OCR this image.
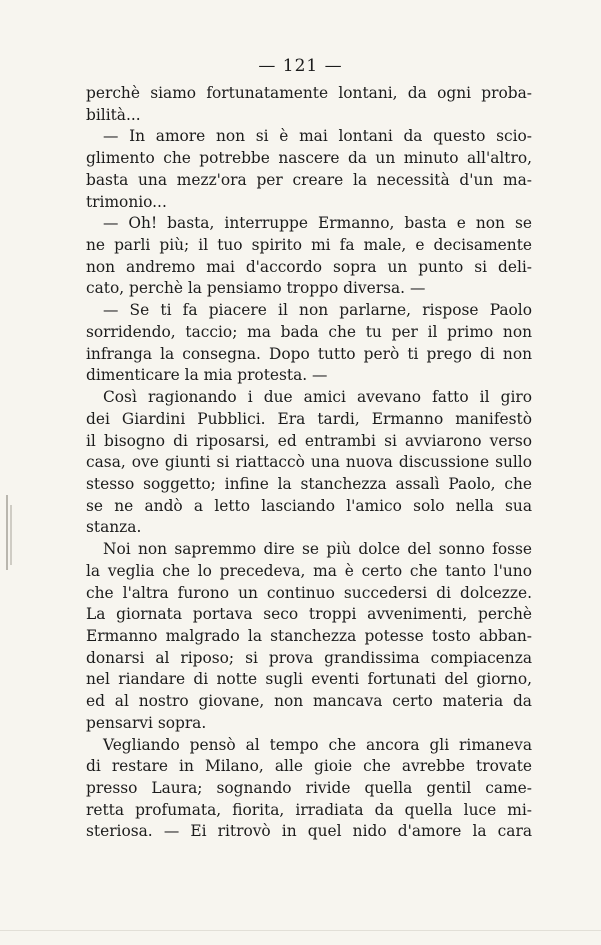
— 121 —
perchè siamo fortunatamente lontani, da ogni proba-
bilità...
— In amore non si è mai lontani da questo scio-
glimento che potrebbe nascere da un minuto all'altro,
basta una mezz'ora per creare la necessità d'un ma-
trimonio...
— Oh! basta, interruppe Ermanno, basta e non se
ne parli più; il tuo spirito mi fa male, e decisamente
non andremo mai d'accordo sopra un punto si deli-
cato, perchè la pensiamo troppo diversa. —
— Se ti fa piacere il non parlarne, rispose Paolo
sorridendo, taccio; ma bada che tu per il primo non
infranga la consegna. Dopo tutto però ti prego di non
dimenticare la mia protesta. —
Così ragionando i due amici avevano fatto il giro
dei Giardini Pubblici. Era tardi, Ermanno manifestò
il bisogno di riposarsi, ed entrambi si avviarono verso
casa, ove giunti si riattaccò una nuova discussione sullo
stesso soggetto; infine la stanchezza assalì Paolo, che
se ne andò a letto lasciando l'amico solo nella sua
stanza.
Noi non sapremmo dire se più dolce del sonno fosse
la veglia che lo precedeva, ma è certo che tanto l'uno
che l'altra furono un continuo succedersi di dolcezze.
La giornata portava seco troppi avvenimenti, perchè
Ermanno malgrado la stanchezza potesse tosto abban-
donarsi al riposo; si prova grandissima compiacenza
nel riandare di notte sugli eventi fortunati del giorno,
ed al nostro giovane, non mancava certo materia da
pensarvi sopra.
Vegliando pensò al tempo che ancora gli rimaneva
di restare in Milano, alle gioie che avrebbe trovate
presso Laura; sognando rivide quella gentil came-
retta profumata, fiorita, irradiata da quella luce mi-
steriosa. — Ei ritrovò in quel nido d'amore la cara
